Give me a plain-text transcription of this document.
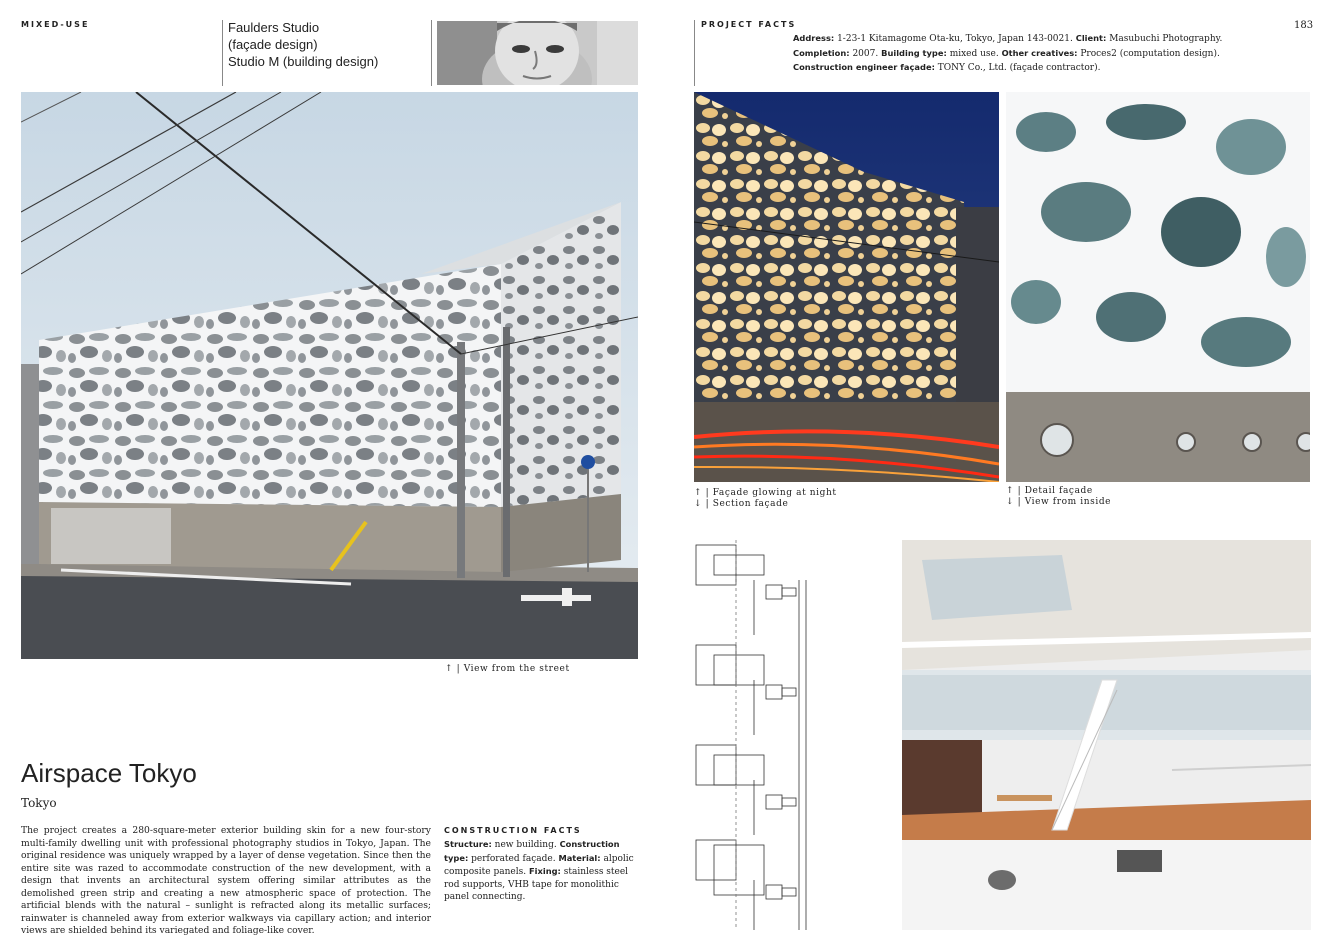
MIXED-USE	Faulders Studio
(façade design)
Studio M (building design)
↑ | View from the street
Airspace Tokyo
Tokyo
The project creates a 280-square-meter exterior building skin for a new four-story multi-family dwelling unit with professional photography studios in Tokyo, Japan. The original residence was uniquely wrapped by a layer of dense vegetation. Since then the entire site was razed to accommodate construction of the new development, with a design that invents an architectural system offering similar attributes as the demolished green strip and creating a new atmospheric space of protection. The artificial blends with the natural – sunlight is refracted along its metallic surfaces; rainwater is channeled away from exterior walkways via capillary action; and interior views are shielded behind its variegated and foliage-like cover.
CONSTRUCTION FACTS
Structure: new building. Construction type: perforated façade. Material: alpolic composite panels. Fixing: stainless steel rod supports, VHB tape for monolithic panel connecting.
PROJECT FACTS	183
Address: 1-23-1 Kitamagome Ota-ku, Tokyo, Japan 143-0021. Client: Masubuchi Photography. Completion: 2007. Building type: mixed use. Other creatives: Proces2 (computation design). Construction engineer façade: TONY Co., Ltd. (façade contractor).
↑ | Façade glowing at night
↓ | Section façade
↑ | Detail façade
↓ | View from inside
